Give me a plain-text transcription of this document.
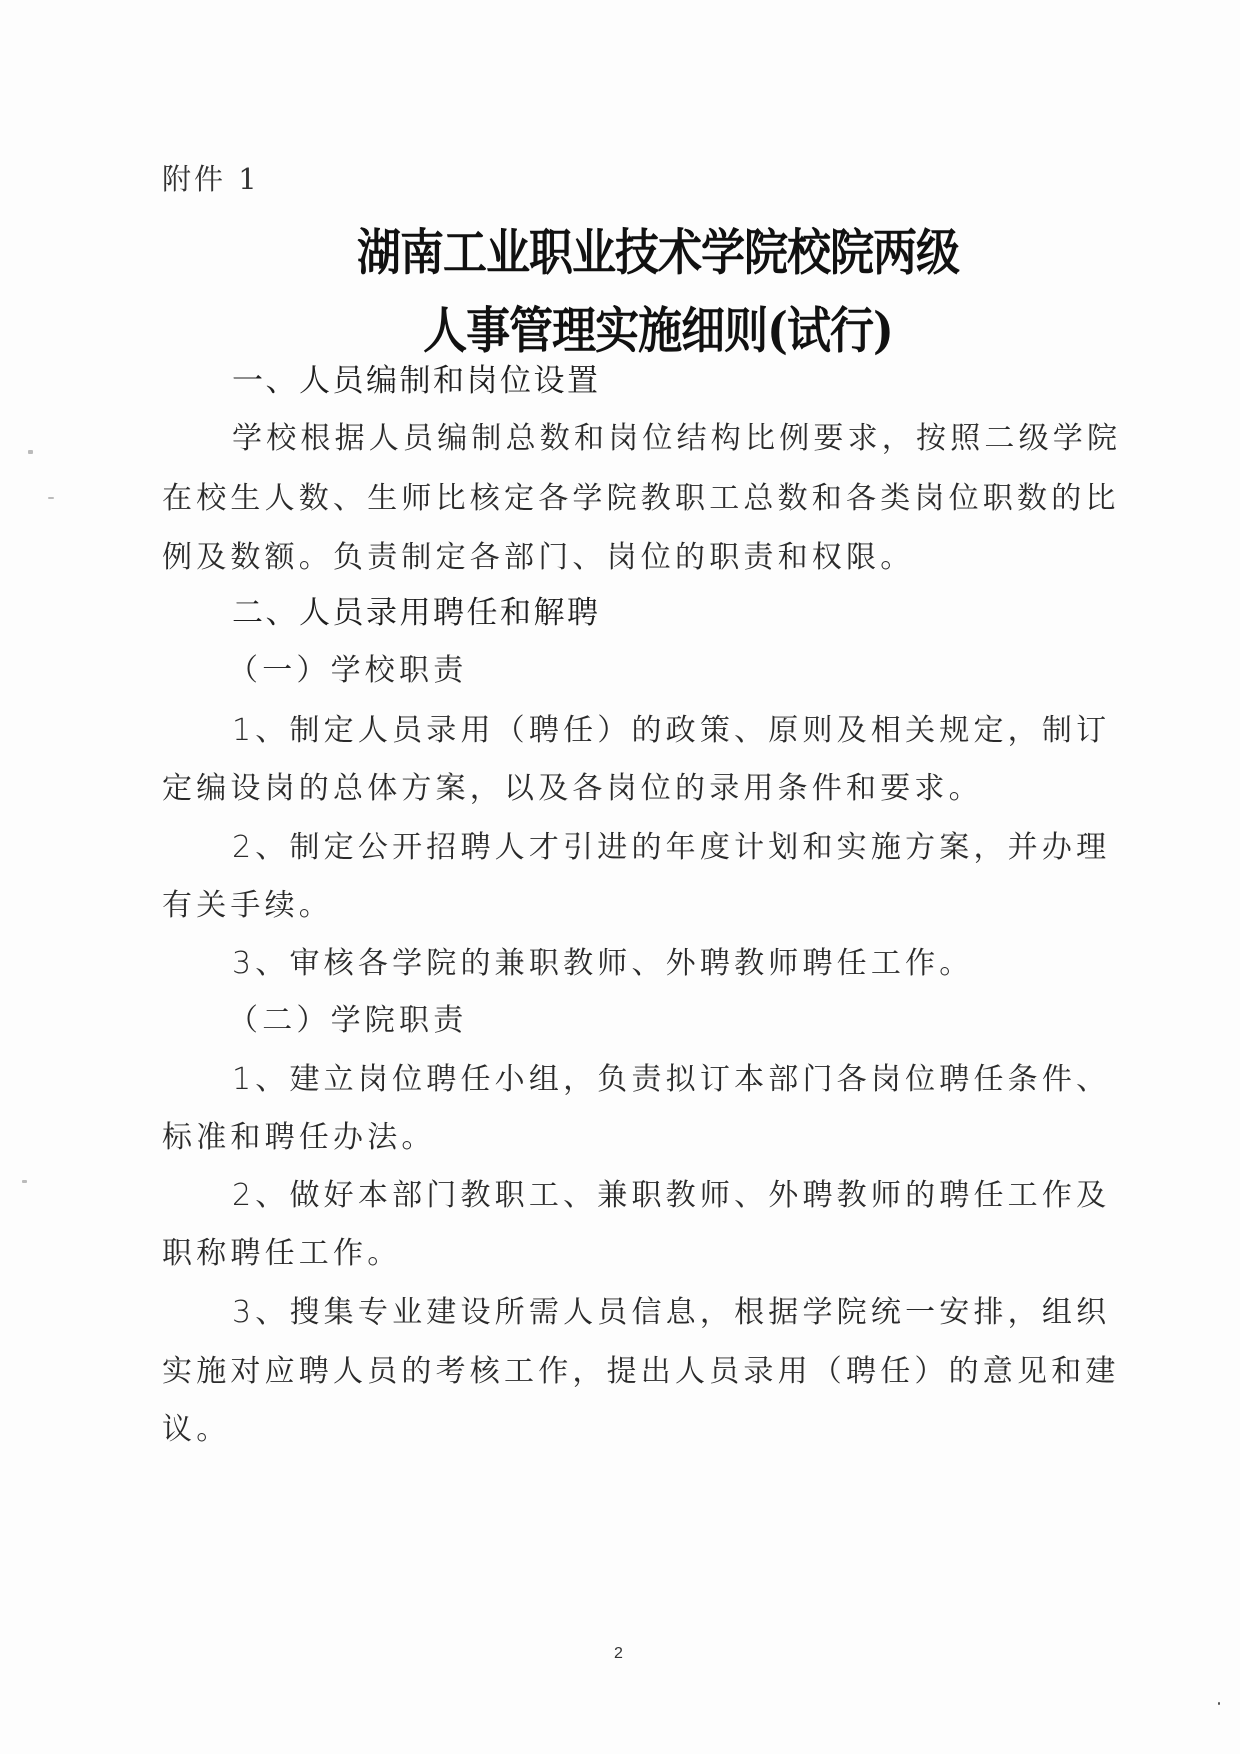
附件 1
湖南工业职业技术学院校院两级
人事管理实施细则(试行)
一、人员编制和岗位设置
学校根据人员编制总数和岗位结构比例要求，按照二级学院
在校生人数、生师比核定各学院教职工总数和各类岗位职数的比
例及数额。负责制定各部门、岗位的职责和权限。
二、人员录用聘任和解聘
（一）学校职责
1、制定人员录用（聘任）的政策、原则及相关规定，制订
定编设岗的总体方案，以及各岗位的录用条件和要求。
2、制定公开招聘人才引进的年度计划和实施方案，并办理
有关手续。
3、审核各学院的兼职教师、外聘教师聘任工作。
（二）学院职责
1、建立岗位聘任小组，负责拟订本部门各岗位聘任条件、
标准和聘任办法。
2、做好本部门教职工、兼职教师、外聘教师的聘任工作及
职称聘任工作。
3、搜集专业建设所需人员信息，根据学院统一安排，组织
实施对应聘人员的考核工作，提出人员录用（聘任）的意见和建
议。
2
